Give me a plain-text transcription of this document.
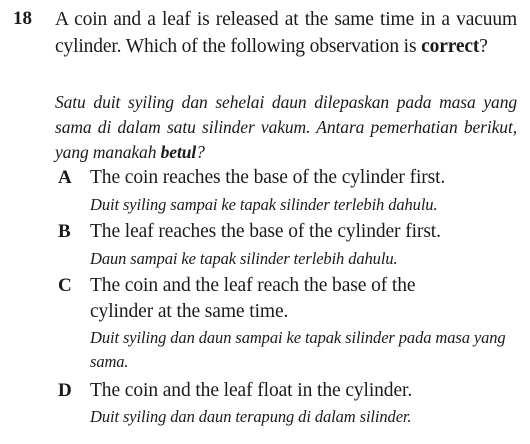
18 A coin and a leaf is released at the same time in a vacuum cylinder. Which of the following observation is correct?
Satu duit syiling dan sehelai daun dilepaskan pada masa yang sama di dalam satu silinder vakum. Antara pemerhatian berikut, yang manakah betul?
A The coin reaches the base of the cylinder first.
Duit syiling sampai ke tapak silinder terlebih dahulu.
B The leaf reaches the base of the cylinder first.
Daun sampai ke tapak silinder terlebih dahulu.
C The coin and the leaf reach the base of the cylinder at the same time.
Duit syiling dan daun sampai ke tapak silinder pada masa yang sama.
D The coin and the leaf float in the cylinder.
Duit syiling dan daun terapung di dalam silinder.
